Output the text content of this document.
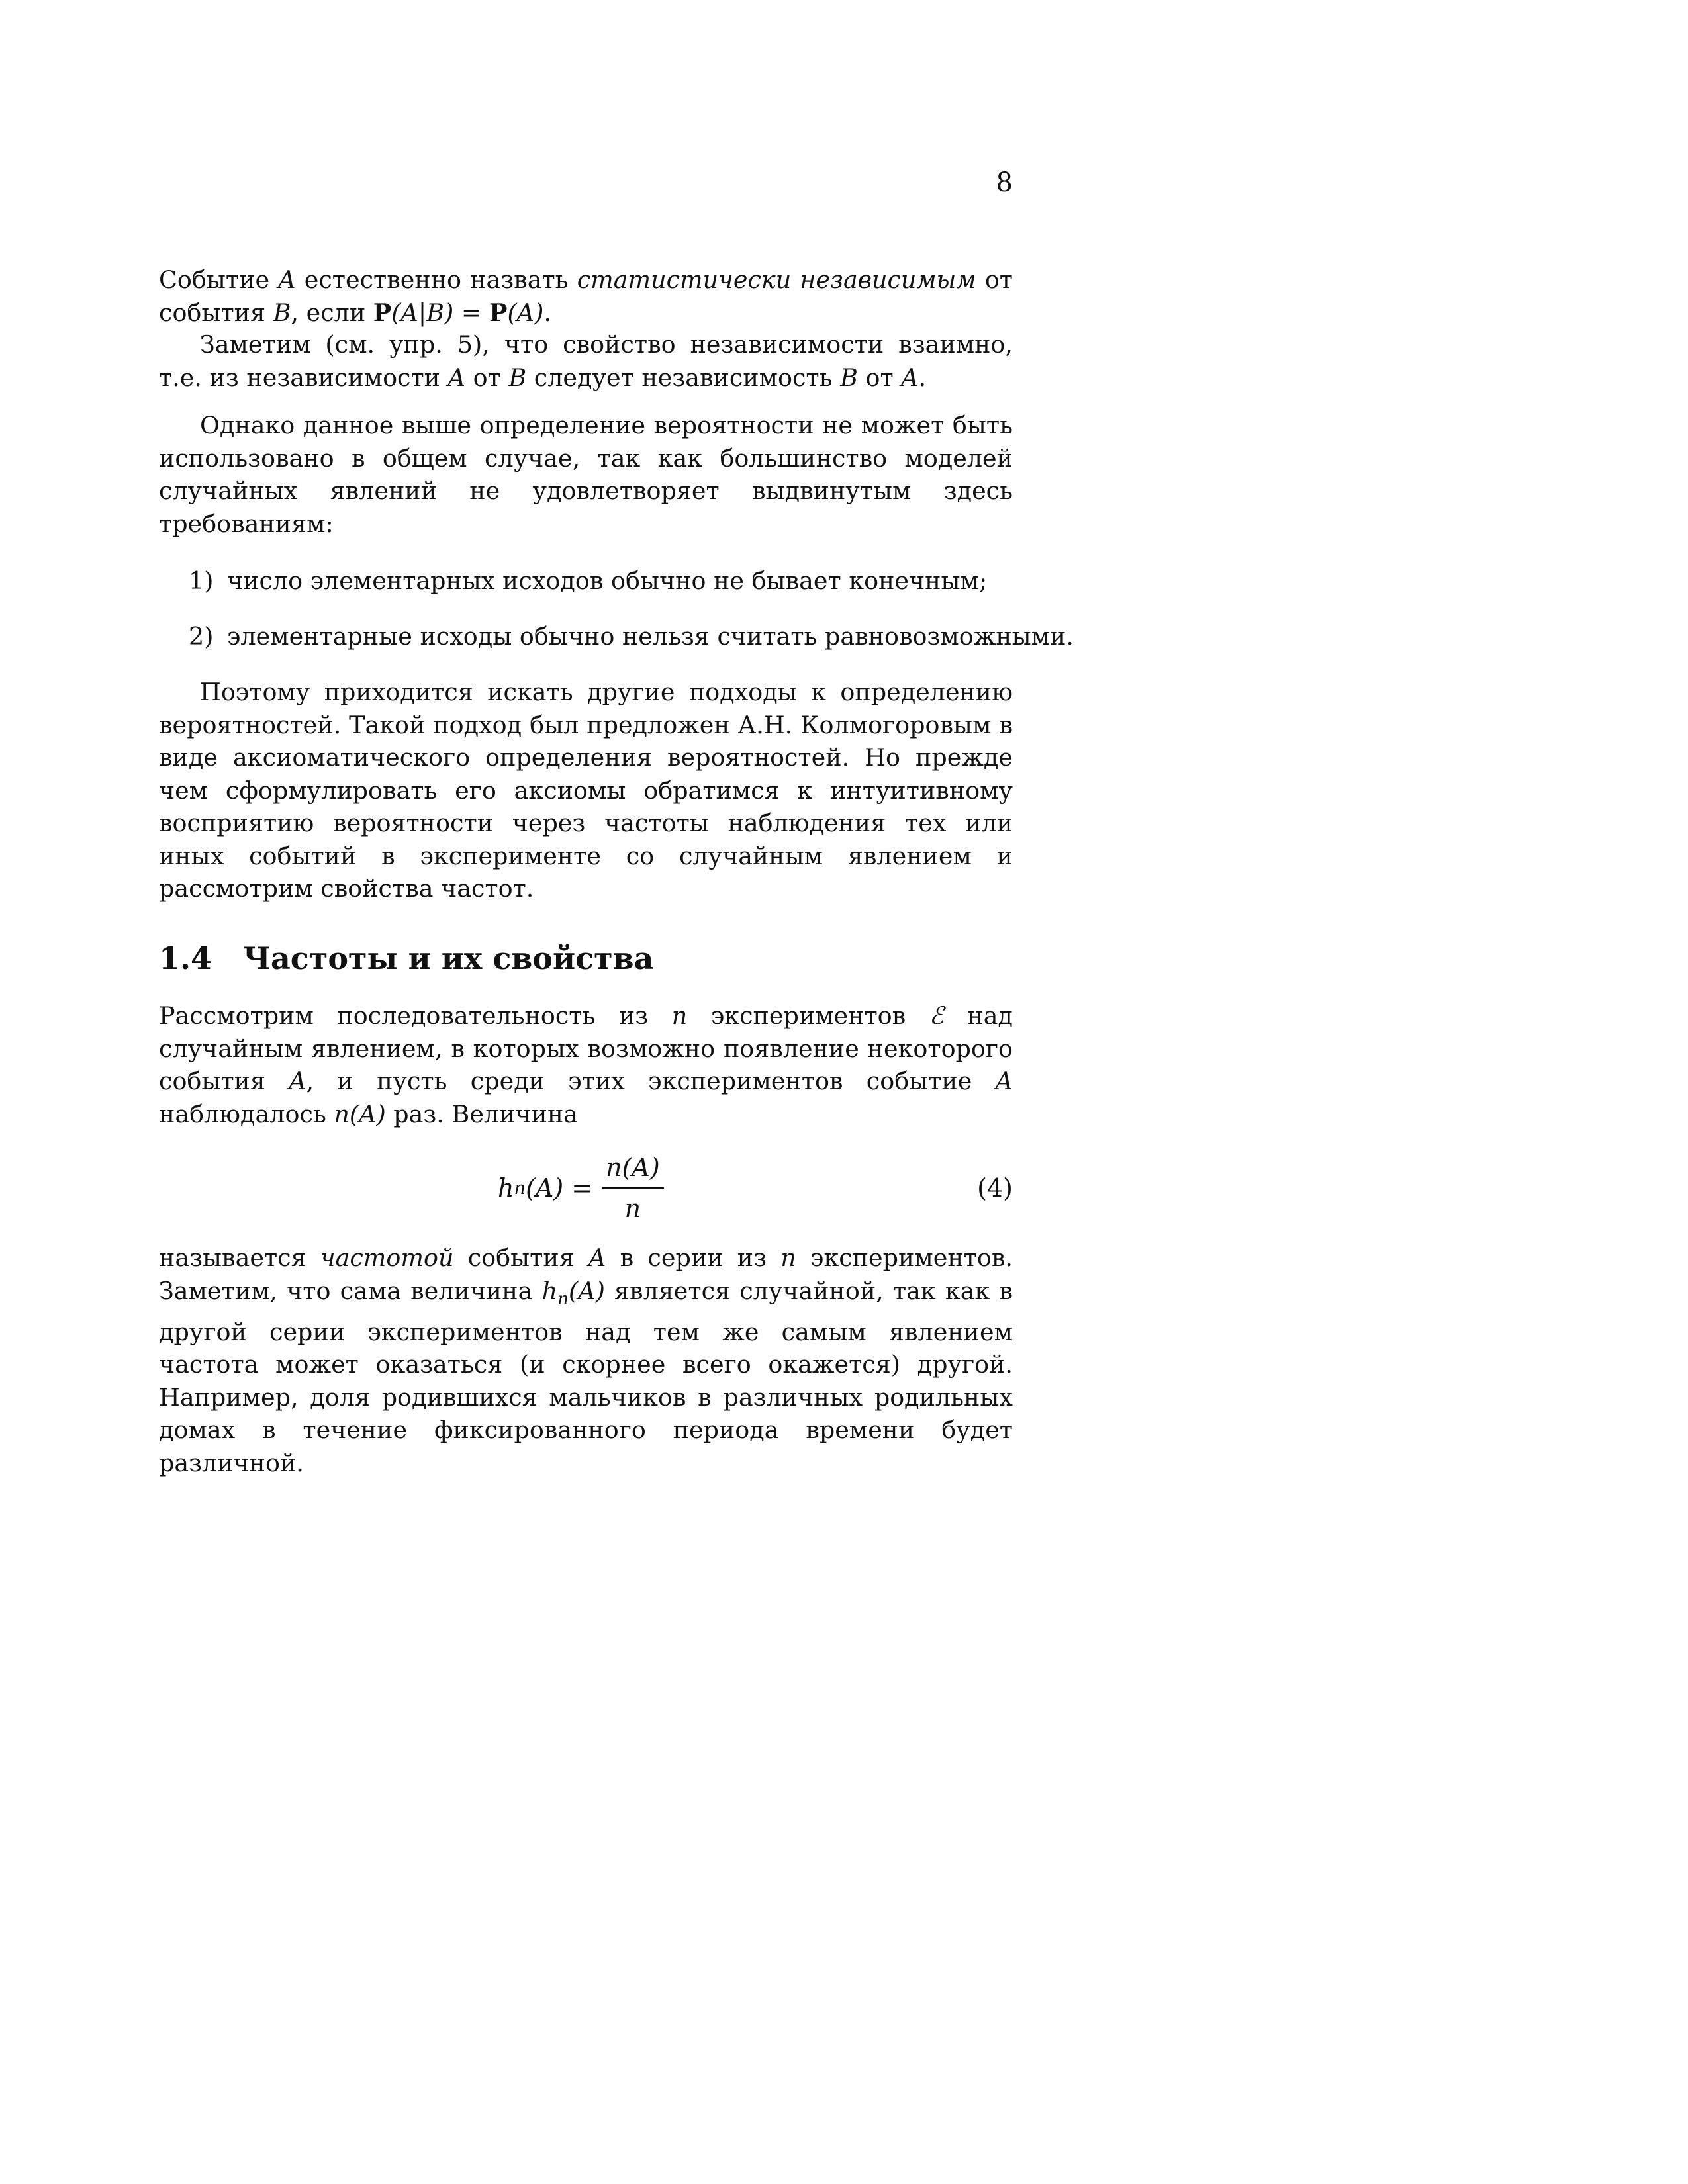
8
Событие A естественно назвать статистически независимым от события B, если P(A|B) = P(A).
Заметим (см. упр. 5), что свойство независимости взаимно, т.е. из независимости A от B следует независимость B от A.
Однако данное выше определение вероятности не может быть использовано в общем случае, так как большинство моделей случайных явлений не удовлетворяет выдвинутым здесь требованиям:
1) число элементарных исходов обычно не бывает конечным;
2) элементарные исходы обычно нельзя считать равновозможными.
Поэтому приходится искать другие подходы к определению вероятностей. Такой подход был предложен А.Н. Колмогоровым в виде аксиоматического определения вероятностей. Но прежде чем сформулировать его аксиомы обратимся к интуитивному восприятию вероятности через частоты наблюдения тех или иных событий в эксперименте со случайным явлением и рассмотрим свойства частот.
1.4 Частоты и их свойства
Рассмотрим последовательность из n экспериментов ℰ над случайным явлением, в которых возможно появление некоторого события A, и пусть среди этих экспериментов событие A наблюдалось n(A) раз. Величина
h n $(A) = \frac{n(A)}{n}$	(4)
называется частотой события A в серии из n экспериментов. Заметим, что сама величина $h_n(A)$ является случайной, так как в другой серии экспериментов над тем же самым явлением частота может оказаться (и скорнее всего окажется) другой. Например, доля родившихся мальчиков в различных родильных домах в течение фиксированного периода времени будет различной.
